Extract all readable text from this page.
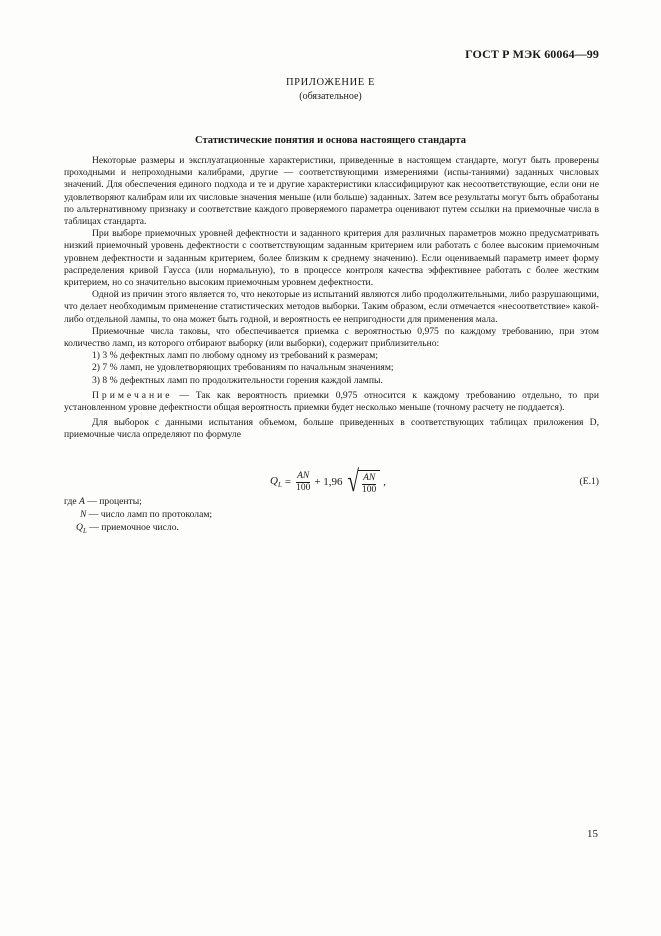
ГОСТ Р МЭК 60064—99
ПРИЛОЖЕНИЕ Е
(обязательное)
Статистические понятия и основа настоящего стандарта

Некоторые размеры и эксплуатационные характеристики, приведенные в настоящем стандарте, могут быть проверены проходными и непроходными калибрами, другие — соответствующими измерениями (испы-таниями) заданных числовых значений. Для обеспечения единого подхода и те и другие характеристики классифицируют как несоответствующие, если они не удовлетворяют калибрам или их числовые значения меньше (или больше) заданных. Затем все результаты могут быть обработаны по альтернативному признаку и соответствие каждого проверяемого параметра оценивают путем ссылки на приемочные числа в таблицах стандарта.

При выборе приемочных уровней дефектности и заданного критерия для различных параметров можно предусматривать низкий приемочный уровень дефектности с соответствующим заданным критерием или работать с более высоким приемочным уровнем дефектности и заданным критерием, более близким к среднему значению). Если оцениваемый параметр имеет форму распределения кривой Гаусса (или нормальную), то в процессе контроля качества эффективнее работать с более жестким критерием, но со значительно высоким приемочным уровнем дефектности.

Одной из причин этого является то, что некоторые из испытаний являются либо продолжительными, либо разрушающими, что делает необходимым применение статистических методов выборки. Таким образом, если отмечается «несоответствие» какой-либо отдельной лампы, то она может быть годной, и вероятность ее непригодности для применения мала.

Приемочные числа таковы, что обеспечивается приемка с вероятностью 0,975 по каждому требованию, при этом количество ламп, из которого отбирают выборку (или выборки), содержит приблизительно:

1) 3 % дефектных ламп по любому одному из требований к размерам;
2) 7 % ламп, не удовлетворяющих требованиям по начальным значениям;
3) 8 % дефектных ламп по продолжительности горения каждой лампы.

Примечание — Так как вероятность приемки 0,975 относится к каждому требованию отдельно, то при установленном уровне дефектности общая вероятность приемки будет несколько меньше (точному расчету не поддается).

Для выборок с данными испытания объемом, больше приведенных в соответствующих таблицах приложения D, приемочные числа определяют по формуле

$Q_L = \frac{AN}{100} + 1,96$ √ $\frac{AN}{100}$ ,	(Е.1)
где A — проценты;
N — число ламп по протоколам;
$Q_L$ — приемочное число.
15
